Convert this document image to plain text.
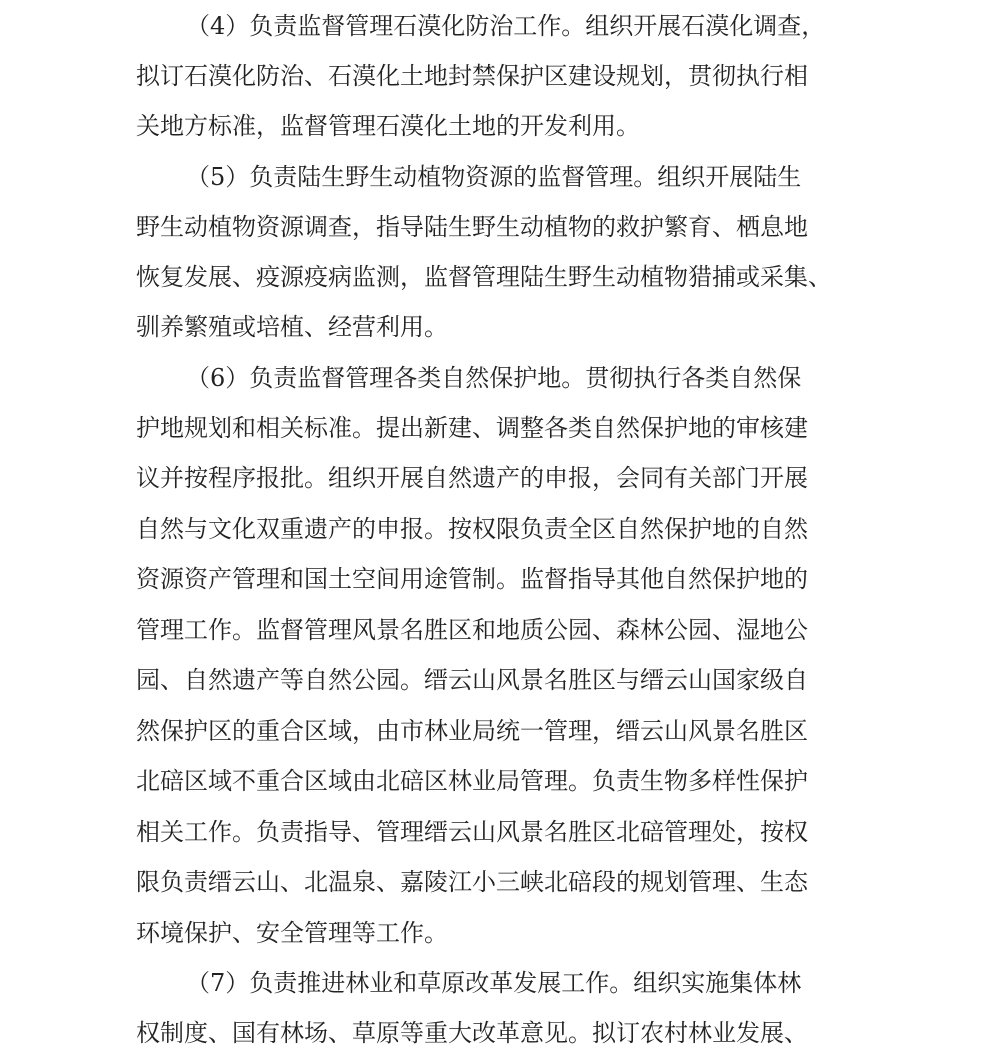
（4）负责监督管理石漠化防治工作。组织开展石漠化调查，
拟订石漠化防治、石漠化土地封禁保护区建设规划，贯彻执行相
关地方标准，监督管理石漠化土地的开发利用。
（5）负责陆生野生动植物资源的监督管理。组织开展陆生
野生动植物资源调查，指导陆生野生动植物的救护繁育、栖息地
恢复发展、疫源疫病监测，监督管理陆生野生动植物猎捕或采集、
驯养繁殖或培植、经营利用。
（6）负责监督管理各类自然保护地。贯彻执行各类自然保
护地规划和相关标准。提出新建、调整各类自然保护地的审核建
议并按程序报批。组织开展自然遗产的申报，会同有关部门开展
自然与文化双重遗产的申报。按权限负责全区自然保护地的自然
资源资产管理和国土空间用途管制。监督指导其他自然保护地的
管理工作。监督管理风景名胜区和地质公园、森林公园、湿地公
园、自然遗产等自然公园。缙云山风景名胜区与缙云山国家级自
然保护区的重合区域，由市林业局统一管理，缙云山风景名胜区
北碚区域不重合区域由北碚区林业局管理。负责生物多样性保护
相关工作。负责指导、管理缙云山风景名胜区北碚管理处，按权
限负责缙云山、北温泉、嘉陵江小三峡北碚段的规划管理、生态
环境保护、安全管理等工作。
（7）负责推进林业和草原改革发展工作。组织实施集体林
权制度、国有林场、草原等重大改革意见。拟订农村林业发展、
